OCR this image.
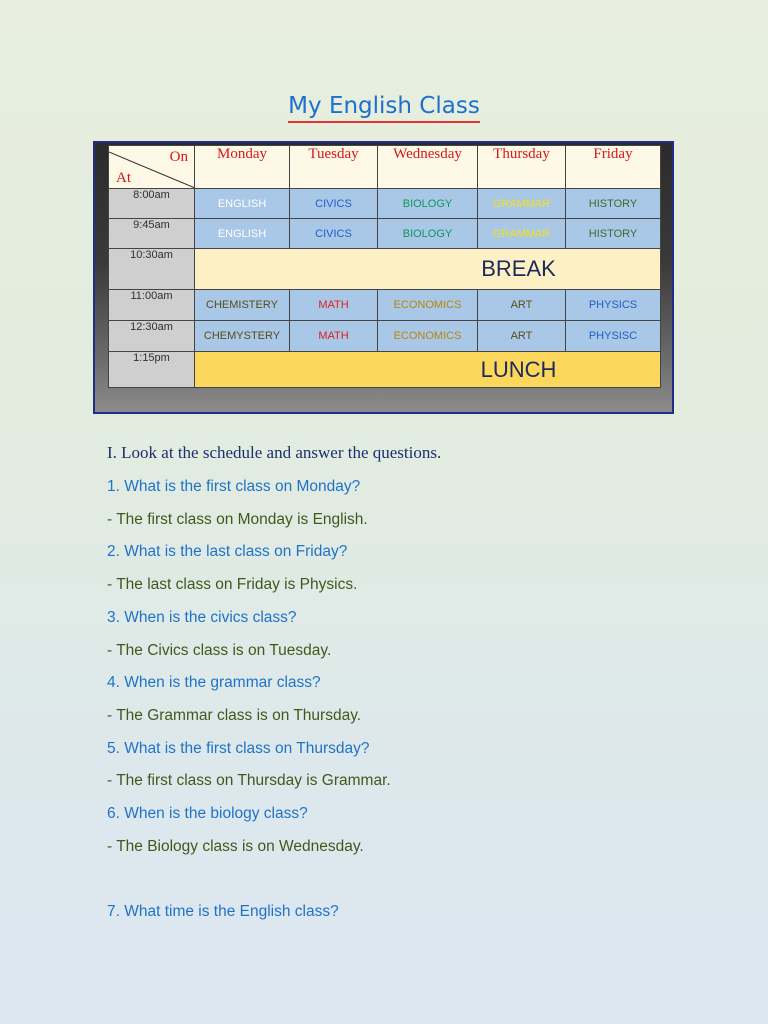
My English Class
On
At	Monday	Tuesday	Wednesday	Thursday	Friday
8:00am	ENGLISH	CIVICS	BIOLOGY	GRAMMAR	HISTORY
9:45am	ENGLISH	CIVICS	BIOLOGY	GRAMMAR	HISTORY
10:30am	BREAK				
11:00am	CHEMISTERY	MATH	ECONOMICS	ART	PHYSICS
12:30am	CHEMYSTERY	MATH	ECONOMICS	ART	PHYSISC
1:15pm	LUNCH				
I. Look at the schedule and answer the questions.
1. What is the first class on Monday?
- The first class on Monday is English.
2. What is the last class on Friday?
- The last class on Friday is Physics.
3. When is the civics class?
- The Civics class is on Tuesday.
4. When is the grammar class?
- The Grammar class is on Thursday.
5. What is the first class on Thursday?
- The first class on Thursday is Grammar.
6. When is the biology class?
- The Biology class is on Wednesday.
7. What time is the English class?
